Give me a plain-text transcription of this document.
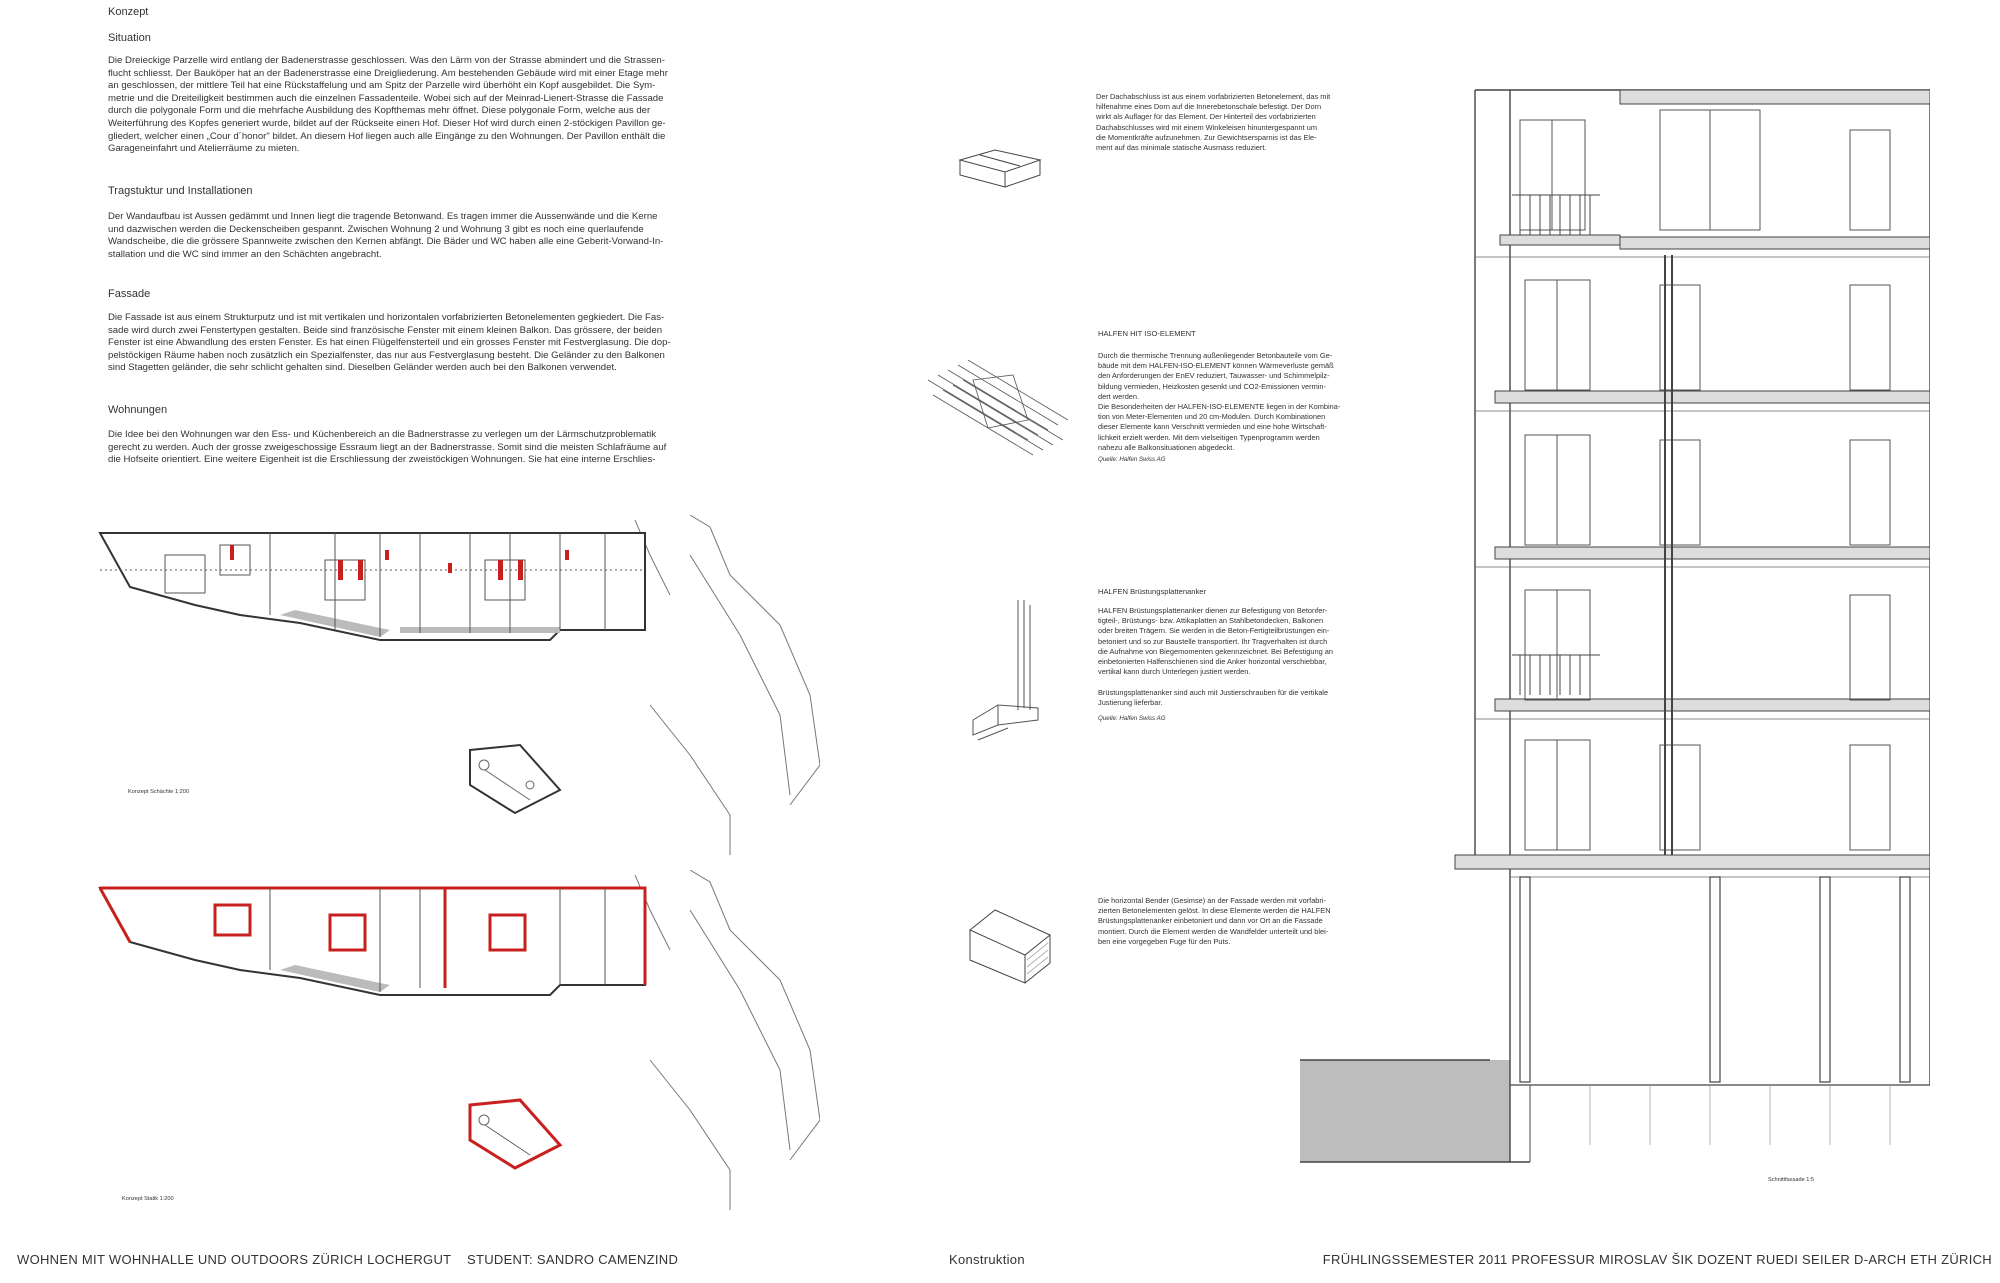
Konzept
Situation
Die Dreieckige Parzelle wird entlang der Badenerstrasse geschlossen. Was den Lärm von der Strasse abmindert und die Strassen-
flucht schliesst. Der Bauköper hat an der Badenerstrasse eine Dreigliederung. Am bestehenden Gebäude wird mit einer Etage mehr
an geschlossen, der mittlere Teil hat eine Rückstaffelung und am Spitz der Parzelle wird überhöht ein Kopf ausgebildet. Die Sym-
metrie und die Dreiteiligkeit bestimmen auch die einzelnen Fassadenteile. Wobei sich auf der Meinrad-Lienert-Strasse die Fassade
durch die polygonale Form und die mehrfache Ausbildung des Kopfthemas mehr öffnet. Diese polygonale Form, welche aus der
Weiterführung des Kopfes generiert wurde, bildet auf der Rückseite einen Hof. Dieser Hof wird durch einen 2-stöckigen Pavillon ge-
gliedert, welcher einen „Cour d´honor" bildet. An diesem Hof liegen auch alle Eingänge zu den Wohnungen. Der Pavillon enthält die
Garageneinfahrt und Atelierräume zu mieten.
Tragstuktur und Installationen
Der Wandaufbau ist Aussen gedämmt und Innen liegt die tragende Betonwand. Es tragen immer die Aussenwände und die Kerne
und dazwischen werden die Deckenscheiben gespannt. Zwischen Wohnung 2 und Wohnung 3 gibt es noch eine querlaufende
Wandscheibe, die die grössere Spannweite zwischen den Kernen abfängt. Die Bäder und WC haben alle eine Geberit-Vorwand-In-
stallation und die WC sind immer an den Schächten angebracht.
Fassade
Die Fassade ist aus einem Strukturputz und ist mit vertikalen und horizontalen vorfabrizierten Betonelementen gegkiedert. Die Fas-
sade wird durch zwei Fenstertypen gestalten. Beide sind französische Fenster mit einem kleinen Balkon. Das grössere, der beiden
Fenster ist eine Abwandlung des ersten Fenster. Es hat einen Flügelfensterteil und ein grosses Fenster mit Festverglasung. Die dop-
pelstöckigen Räume haben noch zusätzlich ein Spezialfenster, das nur aus Festverglasung besteht. Die Geländer zu den Balkonen
sind Stagetten geländer, die sehr schlicht gehalten sind. Dieselben Geländer werden auch bei den Balkonen verwendet.
Wohnungen
Die Idee bei den Wohnungen war den Ess- und Küchenbereich an die Badnerstrasse zu verlegen um der Lärmschutzproblematik
gerecht zu werden. Auch der grosse zweigeschossige Essraum liegt an der Badnerstrasse. Somit sind die meisten Schlafräume auf
die Hofseite orientiert. Eine weitere Eigenheit ist die Erschliessung der zweistöckigen Wohnungen. Sie hat eine interne Erschlies-
Konzept Schächte 1:200
Konzept Statik 1:200
Der Dachabschluss ist aus einem vorfabrizierten Betonelement, das mit
hilfenahme eines Dorn auf die Innerebetonschale befestigt. Der Dorn
wirkt als Auflager für das Element. Der Hinterteil des vorfabrizierten
Dachabschlusses wird mit einem Winkeleisen hinuntergespannt um
die Momentkräfte aufzunehmen. Zur Gewichtsersparnis ist das Ele-
ment auf das minimale statische Ausmass reduziert.
HALFEN HIT ISO-ELEMENT
Durch die thermische Trennung außenliegender Betonbauteile vom Ge-
bäude mit dem HALFEN-ISO-ELEMENT können Wärmeverluste gemäß
den Anforderungen der EnEV reduziert, Tauwasser- und Schimmelpilz-
bildung vermieden, Heizkosten gesenkt und CO2-Emissionen vermin-
dert werden.
Die Besonderheiten der HALFEN-ISO-ELEMENTE liegen in der Kombina-
tion von Meter-Elementen und 20 cm-Modulen. Durch Kombinationen
dieser Elemente kann Verschnitt vermieden und eine hohe Wirtschaft-
lichkeit erzielt werden. Mit dem vielseitigen Typenprogramm werden
nahezu alle Balkonsituationen abgedeckt.
Quelle: Halfen Swiss AG
HALFEN Brüstungsplattenanker
HALFEN Brüstungsplattenanker dienen zur Befestigung von Betonfer-
tigteil-, Brüstungs- bzw. Attikaplatten an Stahlbetondecken, Balkonen
oder breiten Trägern. Sie werden in die Beton-Fertigteilbrüstungen ein-
betoniert und so zur Baustelle transportiert. Ihr Tragverhalten ist durch
die Aufnahme von Biegemomenten gekennzeichnet. Bei Befestigung an
einbetonierten Halfenschienen sind die Anker horizontal verschiebbar,
vertikal kann durch Unterlegen justiert werden.

Brüstungsplattenanker sind auch mit Justierschrauben für die vertikale
Justierung lieferbar.
Quelle: Halfen Swiss AG
Die horizontal Bender (Gesimse) an der Fassade werden mit vorfabri-
zierten Betonelementen gelöst. In diese Elemente werden die HALFEN
Brüstungsplattenanker einbetoniert und dann vor Ort an die Fassade
montiert. Durch die Element werden die Wandfelder unterteilt und blei-
ben eine vorgegeben Fuge für den Puts.
Schnittfassade 1:5
WOHNEN MIT WOHNHALLE UND OUTDOORS ZÜRICH LOCHERGUT STUDENT: SANDRO CAMENZIND	Konstruktion	FRÜHLINGSSEMESTER 2011 PROFESSUR MIROSLAV ŠIK DOZENT RUEDI SEILER D-ARCH ETH ZÜRICH
